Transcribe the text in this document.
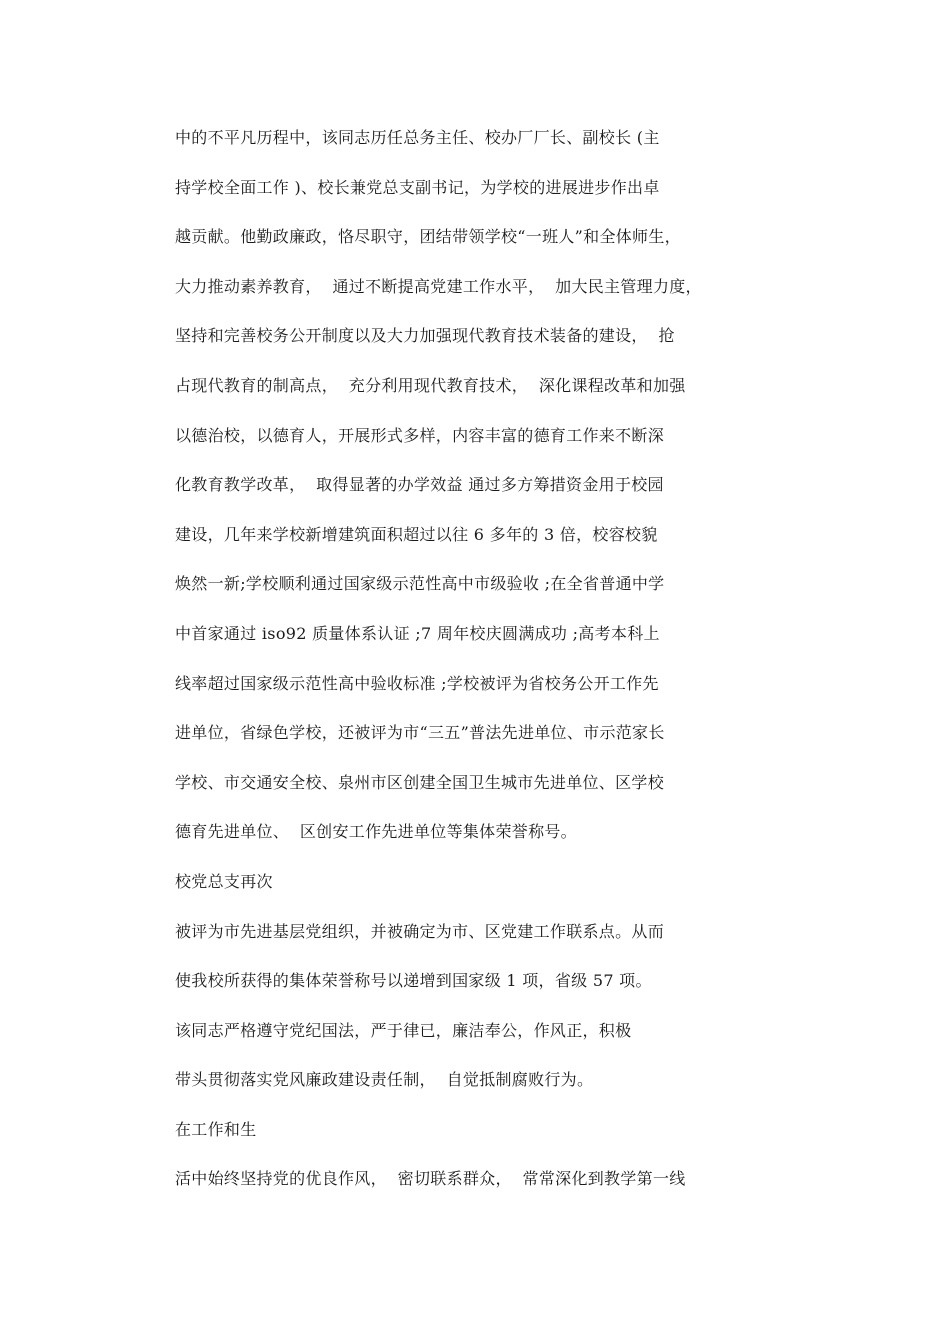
中的不平凡历程中，该同志历任总务主任、校办厂厂长、副校长 (主
持学校全面工作 )、校长兼党总支副书记，为学校的进展进步作出卓
越贡献。他勤政廉政，恪尽职守，团结带领学校“一班人”和全体师生，
大力推动素养教育，  通过不断提高党建工作水平，  加大民主管理力度，
坚持和完善校务公开制度以及大力加强现代教育技术装备的建设，  抢
占现代教育的制高点，  充分利用现代教育技术，  深化课程改革和加强
以德治校，以德育人，开展形式多样，内容丰富的德育工作来不断深
化教育教学改革，  取得显著的办学效益 通过多方筹措资金用于校园
建设，几年来学校新增建筑面积超过以往 6 多年的 3 倍，校容校貌
焕然一新;学校顺利通过国家级示范性高中市级验收 ;在全省普通中学
中首家通过 iso92 质量体系认证 ;7 周年校庆圆满成功 ;高考本科上
线率超过国家级示范性高中验收标准 ;学校被评为省校务公开工作先
进单位，省绿色学校，还被评为市“三五”普法先进单位、市示范家长
学校、市交通安全校、泉州市区创建全国卫生城市先进单位、区学校
德育先进单位、  区创安工作先进单位等集体荣誉称号。
校党总支再次
被评为市先进基层党组织，并被确定为市、区党建工作联系点。从而
使我校所获得的集体荣誉称号以递增到国家级 1 项，省级 57 项。
该同志严格遵守党纪国法，严于律已，廉洁奉公，作风正，积极
带头贯彻落实党风廉政建设责任制，  自觉抵制腐败行为。
在工作和生
活中始终坚持党的优良作风，  密切联系群众，  常常深化到教学第一线
